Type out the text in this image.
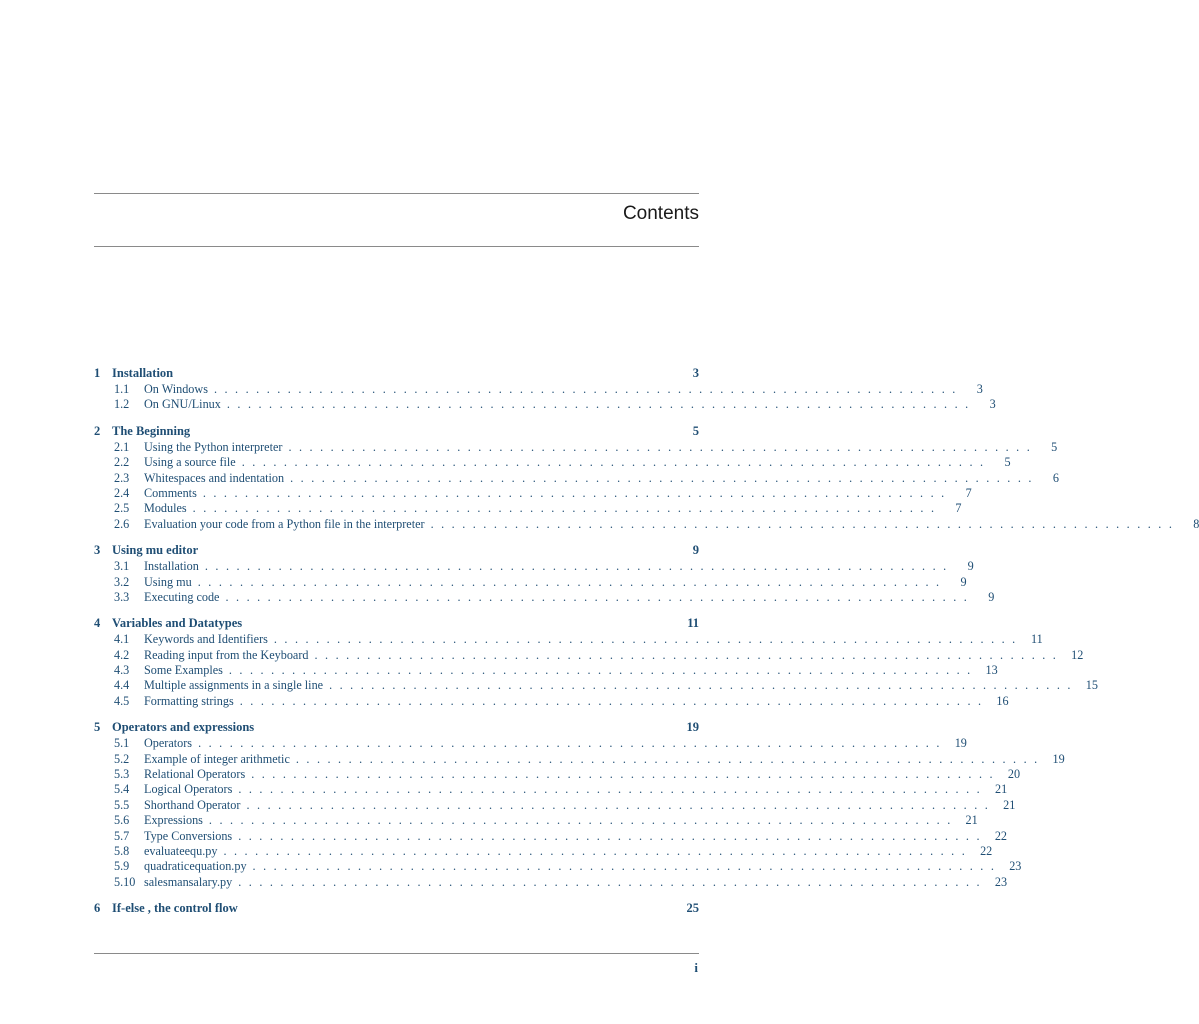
Contents
1 Installation	3
1.1	On Windows .......................................................................	3
1.2	On GNU/Linux .......................................................................	3
2 The Beginning	5
2.1	Using the Python interpreter .......................................................................	5
2.2	Using a source file .......................................................................	5
2.3	Whitespaces and indentation .......................................................................	6
2.4	Comments .......................................................................	7
2.5	Modules .......................................................................	7
2.6	Evaluation your code from a Python file in the interpreter .......................................................................	8
3 Using mu editor	9
3.1	Installation .......................................................................	9
3.2	Using mu .......................................................................	9
3.3	Executing code .......................................................................	9
4 Variables and Datatypes	11
4.1	Keywords and Identifiers ....................................................................... 11
4.2	Reading input from the Keyboard ....................................................................... 12
4.3	Some Examples ....................................................................... 13
4.4	Multiple assignments in a single line ....................................................................... 15
4.5	Formatting strings ....................................................................... 16
5 Operators and expressions	19
5.1	Operators ....................................................................... 19
5.2	Example of integer arithmetic ....................................................................... 19
5.3	Relational Operators ....................................................................... 20
5.4	Logical Operators ....................................................................... 21
5.5	Shorthand Operator ....................................................................... 21
5.6	Expressions ....................................................................... 21
5.7	Type Conversions ....................................................................... 22
5.8	evaluateequ.py ....................................................................... 22
5.9	quadraticequation.py ....................................................................... 23
5.10 salesmansalary.py ....................................................................... 23
6 If-else , the control flow	25
i
